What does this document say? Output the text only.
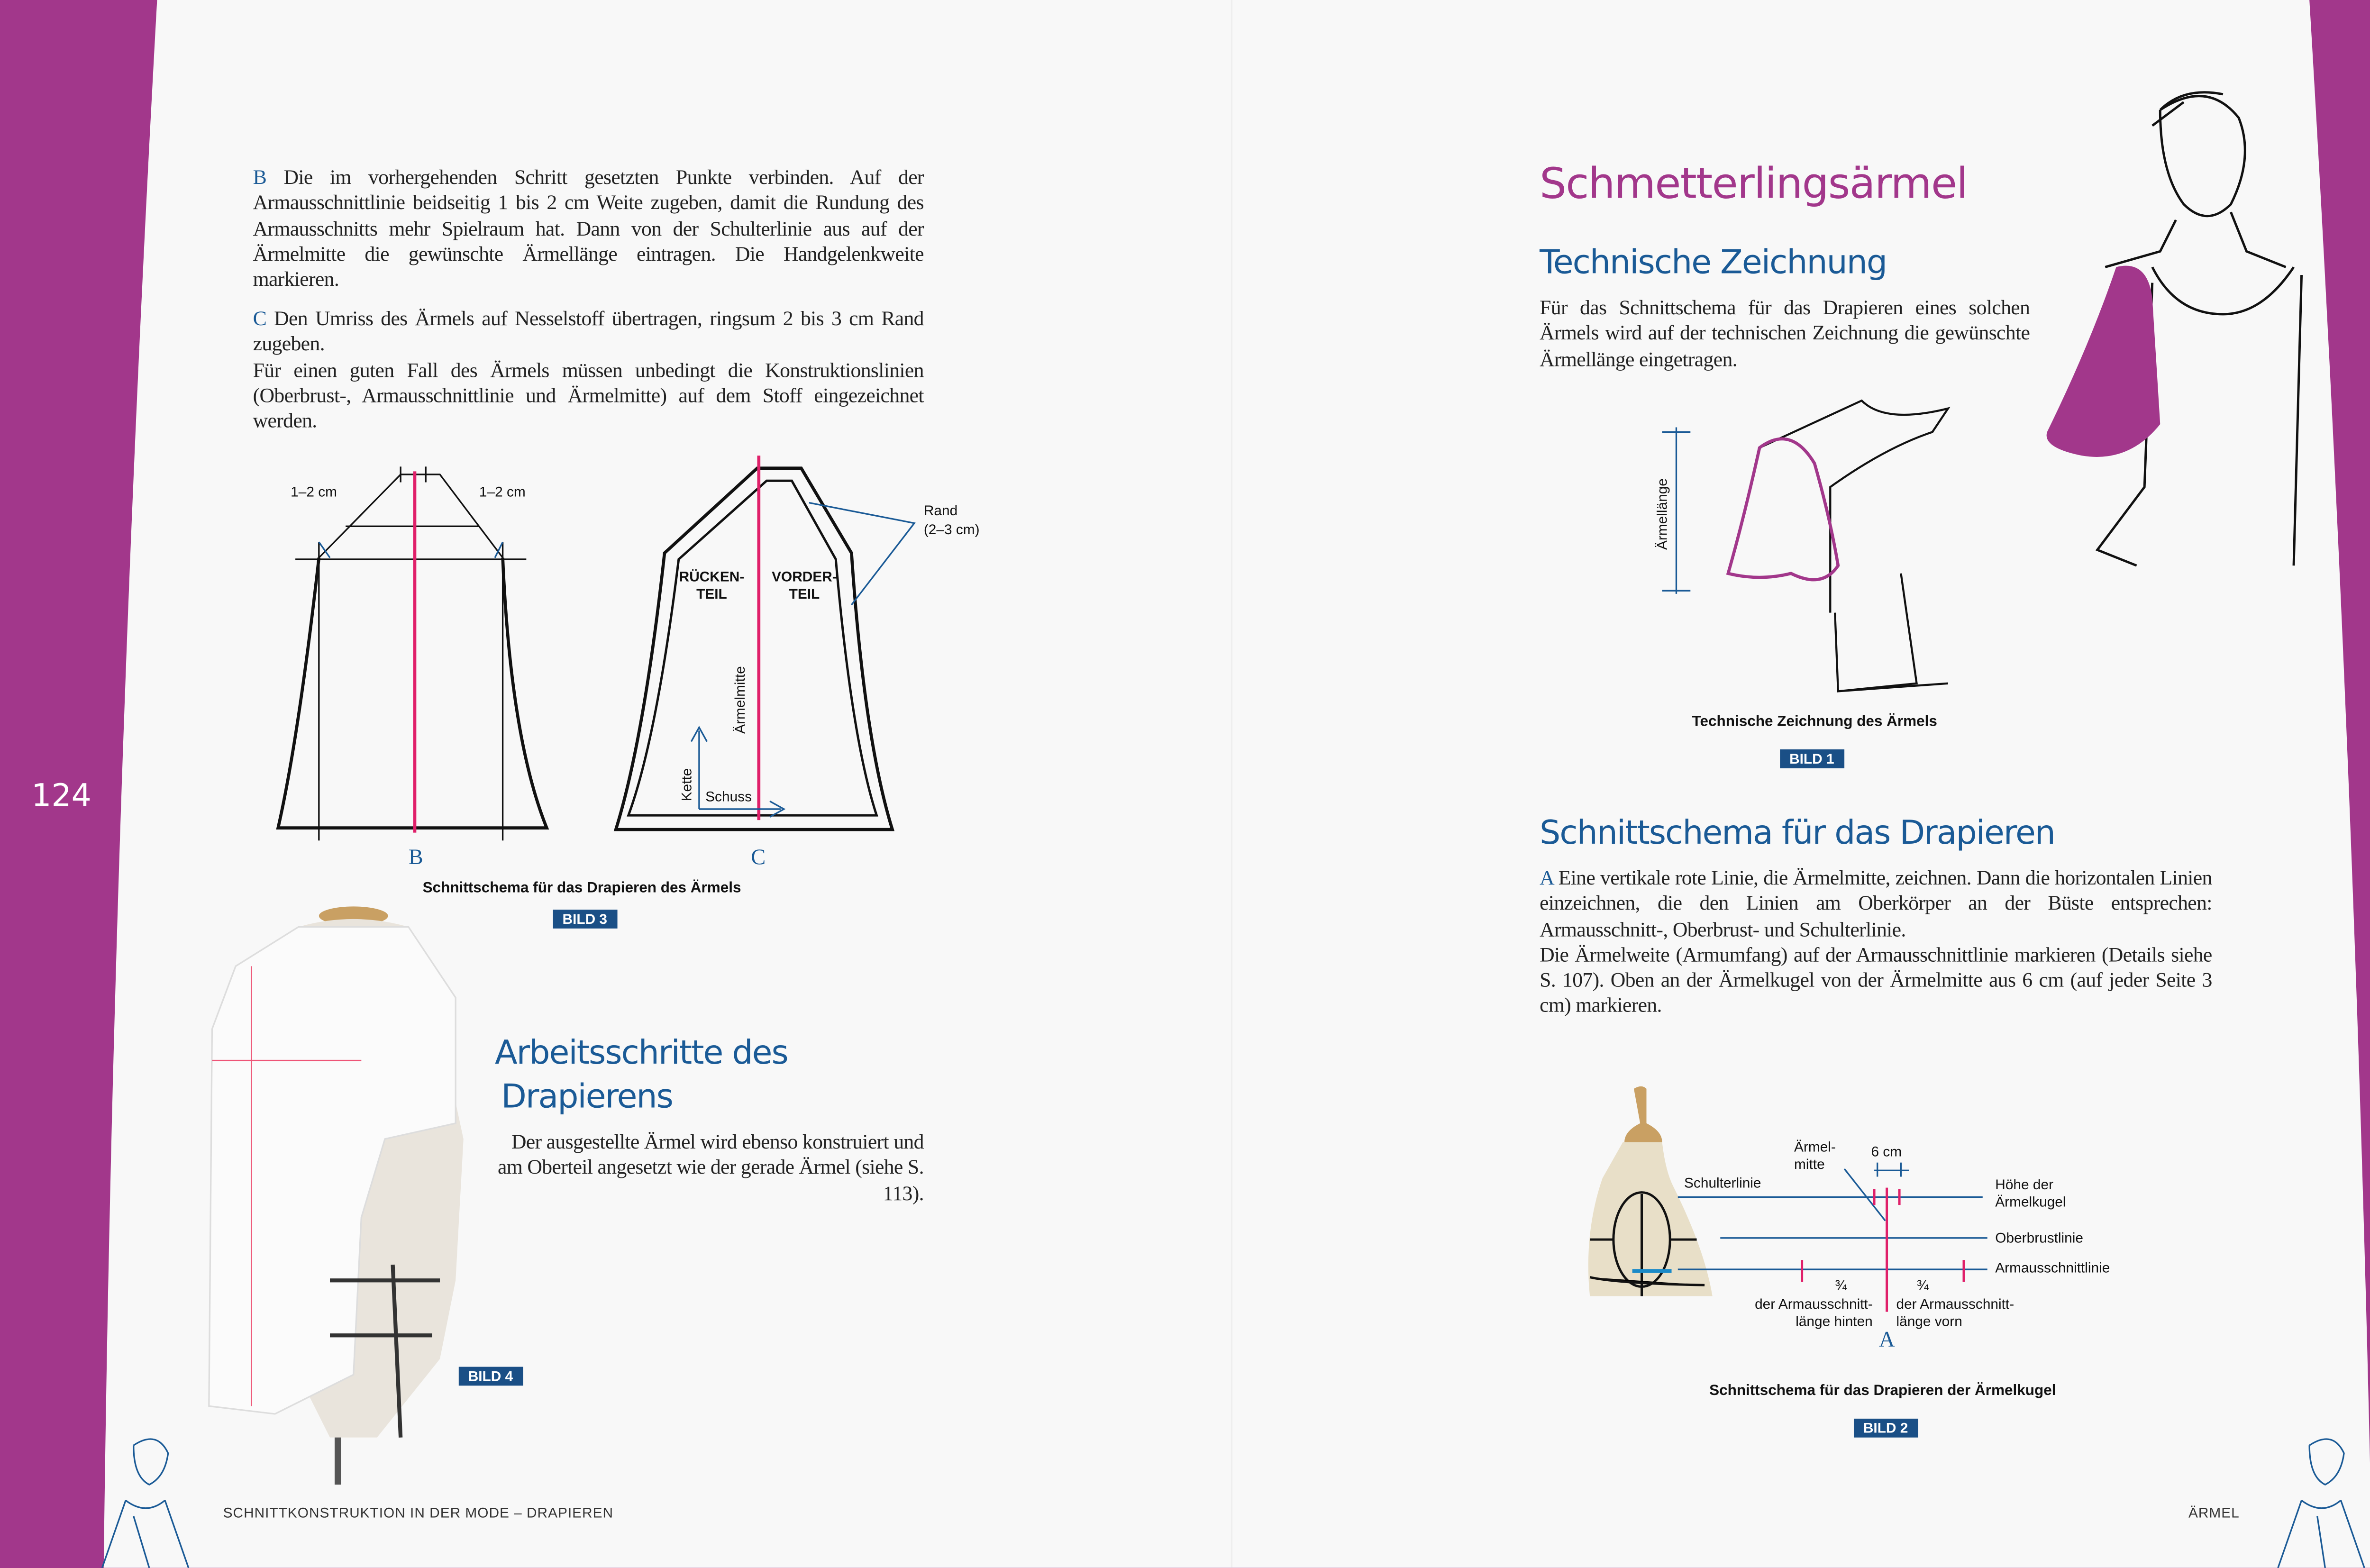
124
B	Die im vorhergehenden Schritt gesetzten Punkte verbinden. Auf der Armausschnittlinie beidseitig 1 bis 2 cm Weite zugeben, damit die Rundung des Armausschnitts mehr Spielraum hat. Dann von der Schulterlinie aus auf der Ärmelmitte die gewünschte Ärmellänge eintragen. Die Handgelenkweite markieren.
C Den Umriss des Ärmels auf Nesselstoff übertragen, ringsum 2 bis 3 cm Rand zugeben.
Für einen guten Fall des Ärmels müssen unbedingt die Konstruktionslinien (Oberbrust-, Armausschnittlinie und Ärmelmitte) auf dem Stoff eingezeichnet werden.
1–2 cm	1–2 cm
Rand
(2–3 cm)
RÜCKEN-
TEIL
VORDER-
TEIL
Ärmelmitte
Kette	Schuss
B	C
Schnittschema für das Drapieren des Ärmels
BILD 3
BILD 4
Arbeitsschritte des
Drapierens
Der ausgestellte Ärmel wird ebenso konstruiert und am Oberteil angesetzt wie der gerade Ärmel (siehe S. 113).
SCHNITTKONSTRUKTION IN DER MODE – DRAPIEREN	ÄRMEL
Schmetterlingsärmel
Technische Zeichnung
Für das Schnittschema für das Drapieren eines solchen Ärmels wird auf der technischen Zeichnung die gewünschte Ärmellänge eingetragen.
Ärmellänge
Technische Zeichnung des Ärmels
BILD 1
Schnittschema für das Drapieren
A Eine vertikale rote Linie, die Ärmelmitte, zeichnen. Dann die horizontalen Linien einzeichnen, die den Linien am Oberkörper an der Büste entsprechen: Armausschnitt-, Oberbrust- und Schulterlinie.
Die Ärmelweite (Armumfang) auf der Armausschnittlinie markieren (Details siehe S. 107). Oben an der Ärmelkugel von der Ärmelmitte aus 6 cm (auf jeder Seite 3 cm) markieren.
Ärmel-
mitte
6 cm
Schulterlinie	Höhe der
Ärmelkugel
Oberbrustlinie
Armausschnittlinie
¾	¾
der Armausschnitt-
länge hinten
der Armausschnitt-
länge vorn
A
Schnittschema für das Drapieren der Ärmelkugel
BILD 2
